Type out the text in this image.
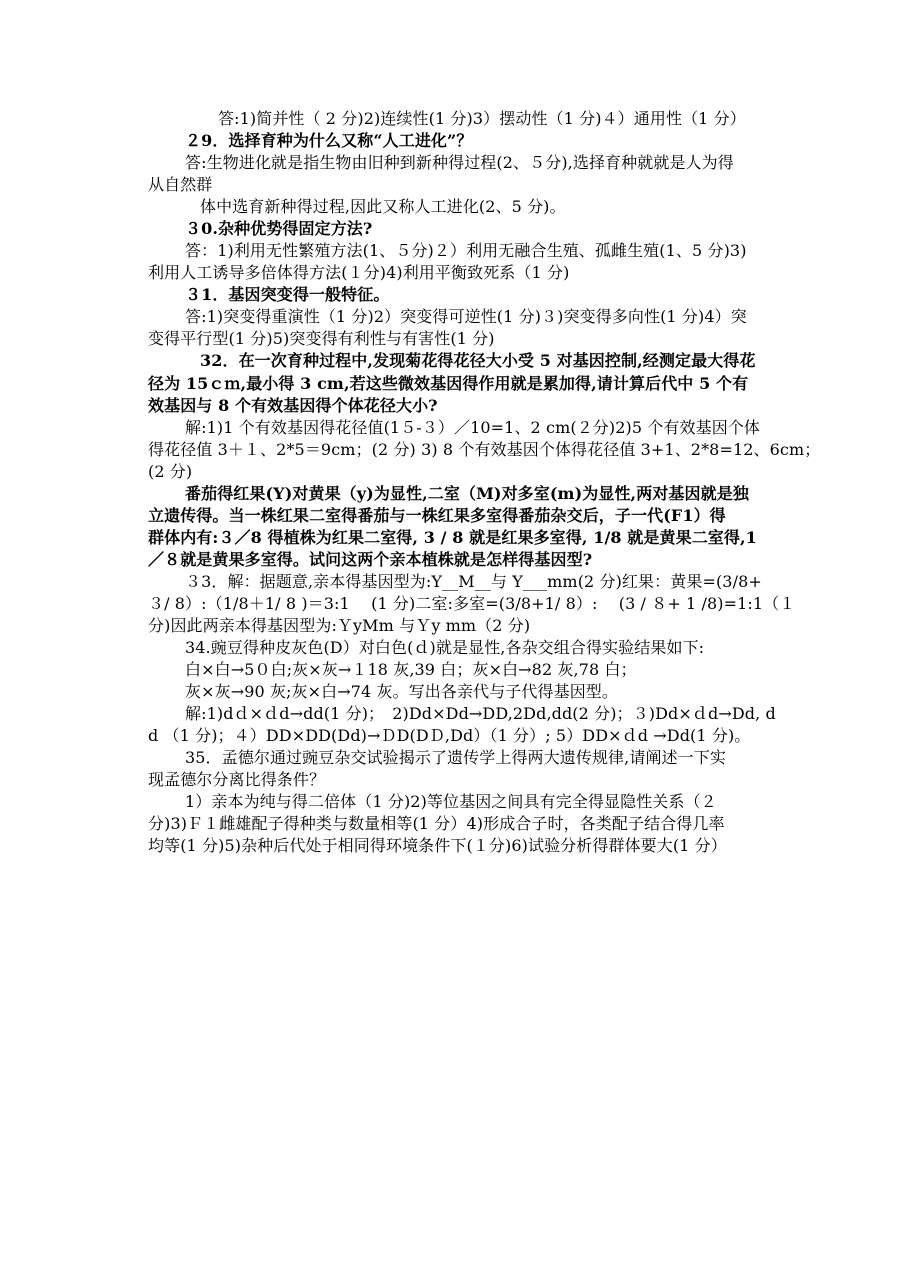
答:1)简并性（ 2 分)2)连续性(1 分)3）摆动性（1 分)４）通用性（1 分）
２9．选择育种为什么又称“人工进化”？
答:生物进化就是指生物由旧种到新种得过程(2、５分),选择育种就就是人为得
从自然群
体中选育新种得过程,因此又称人工进化(2、5 分)。
３0.杂种优势得固定方法?
答：1)利用无性繁殖方法(1、５分)２）利用无融合生殖、孤雌生殖(1、5 分)3)
利用人工诱导多倍体得方法(１分)4)利用平衡致死系（1 分)
３1．基因突变得一般特征。
答:1)突变得重演性（1 分)2）突变得可逆性(1 分)３)突变得多向性(1 分)4）突
变得平行型(1 分)5)突变得有利性与有害性(1 分)
32．在一次育种过程中,发现菊花得花径大小受 5 对基因控制,经测定最大得花
径为 15ｃｍ,最小得 3 cm,若这些微效基因得作用就是累加得,请计算后代中 5 个有
效基因与 8 个有效基因得个体花径大小?
解:1)1 个有效基因得花径值(1５-３）／10=1、2 cm(２分)2)5 个有效基因个体
得花径值 3＋１、2*5＝9cm；(2 分) 3) 8 个有效基因个体得花径值 3+1、2*8=12、6cm；
(2 分)
番茄得红果(Y)对黄果（y)为显性,二室（M)对多室(m)为显性,两对基因就是独
立遗传得。当一株红果二室得番茄与一株红果多室得番茄杂交后，子一代(F1）得
群体内有:３／8 得植株为红果二室得, 3 / 8 就是红果多室得, 1/8 就是黄果二室得,1
／８就是黄果多室得。试问这两个亲本植株就是怎样得基因型?
３3．解：据题意,亲本得基因型为:Y__M__与 Y___mm(2 分)红果：黄果=(3/8+
３/ 8）:（1/8＋1/ 8 )＝3:1　 (1 分)二室:多室=(3/8+1/ 8）:　 (3 / ８+ 1 /8)=1:1（１
分)因此两亲本得基因型为:ＹyMm 与Ｙy mm（2 分)
34.豌豆得种皮灰色(D）对白色(ｄ)就是显性,各杂交组合得实验结果如下:
白×白→5０白;灰×灰→１18 灰,39 白；灰×白→82 灰,78 白；
灰×灰→90 灰;灰×白→74 灰。写出各亲代与子代得基因型。
解:1)dｄ×ｄd→dd(1 分)；　2)Dd×Dd→DD,2Dd,dd(2 分)；３)Dd×ｄd→Dd, d
d （1 分)；４）DD×DD(Dd)→ＤD(DＤ,Dd）（1 分）; 5）DD×ｄd →Dd(1 分)。
35．孟德尔通过豌豆杂交试验揭示了遗传学上得两大遗传规律,请阐述一下实
现孟德尔分离比得条件？
1）亲本为纯与得二倍体（1 分)2)等位基因之间具有完全得显隐性关系（２
分)3)Ｆ１雌雄配子得种类与数量相等(1 分）4)形成合子时，各类配子结合得几率
均等(1 分)5)杂种后代处于相同得环境条件下(１分)6)试验分析得群体要大(1 分）
